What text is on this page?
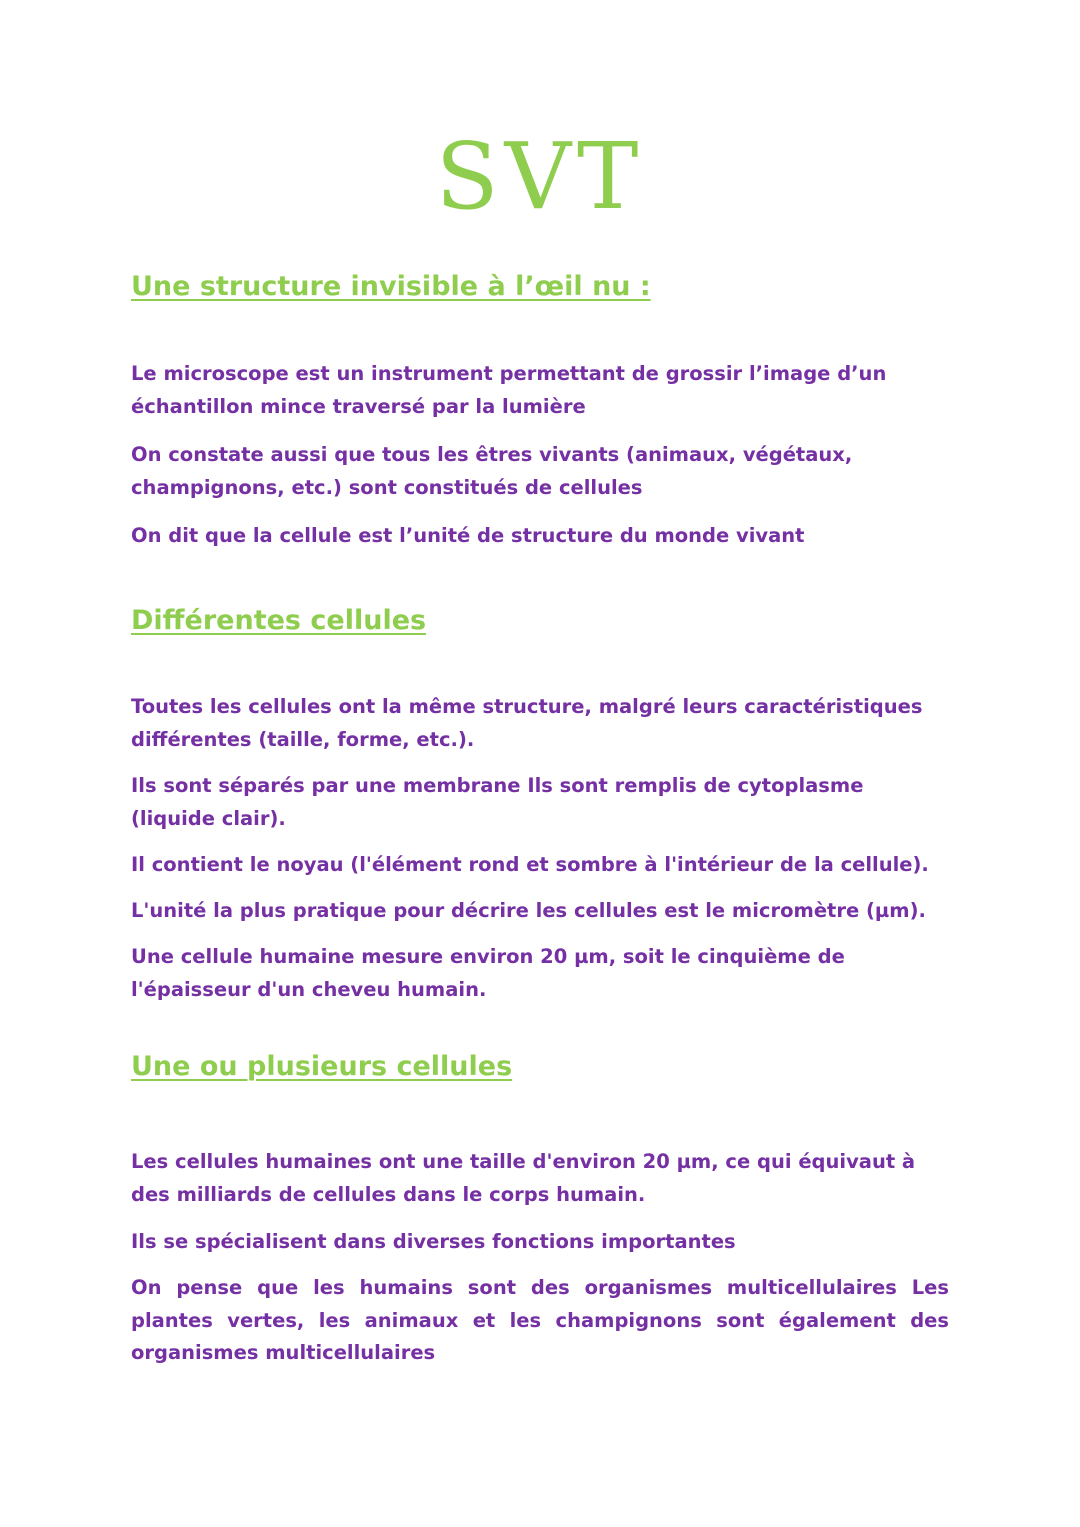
SVT
Une structure invisible à l’œil nu :

Le microscope est un instrument permettant de grossir l’image d’un échantillon mince traversé par la lumière

On constate aussi que tous les êtres vivants (animaux, végétaux, champignons, etc.) sont constitués de cellules

On dit que la cellule est l’unité de structure du monde vivant

Différentes cellules

Toutes les cellules ont la même structure, malgré leurs caractéristiques différentes (taille, forme, etc.).

Ils sont séparés par une membrane Ils sont remplis de cytoplasme (liquide clair).

Il contient le noyau (l'élément rond et sombre à l'intérieur de la cellule).

L'unité la plus pratique pour décrire les cellules est le micromètre (µm).

Une cellule humaine mesure environ 20 µm, soit le cinquième de l'épaisseur d'un cheveu humain.

Une ou plusieurs cellules

Les cellules humaines ont une taille d'environ 20 µm, ce qui équivaut à des milliards de cellules dans le corps humain.

Ils se spécialisent dans diverses fonctions importantes

On pense que les humains sont des organismes multicellulaires Les plantes vertes, les animaux et les champignons sont également des organismes multicellulaires
